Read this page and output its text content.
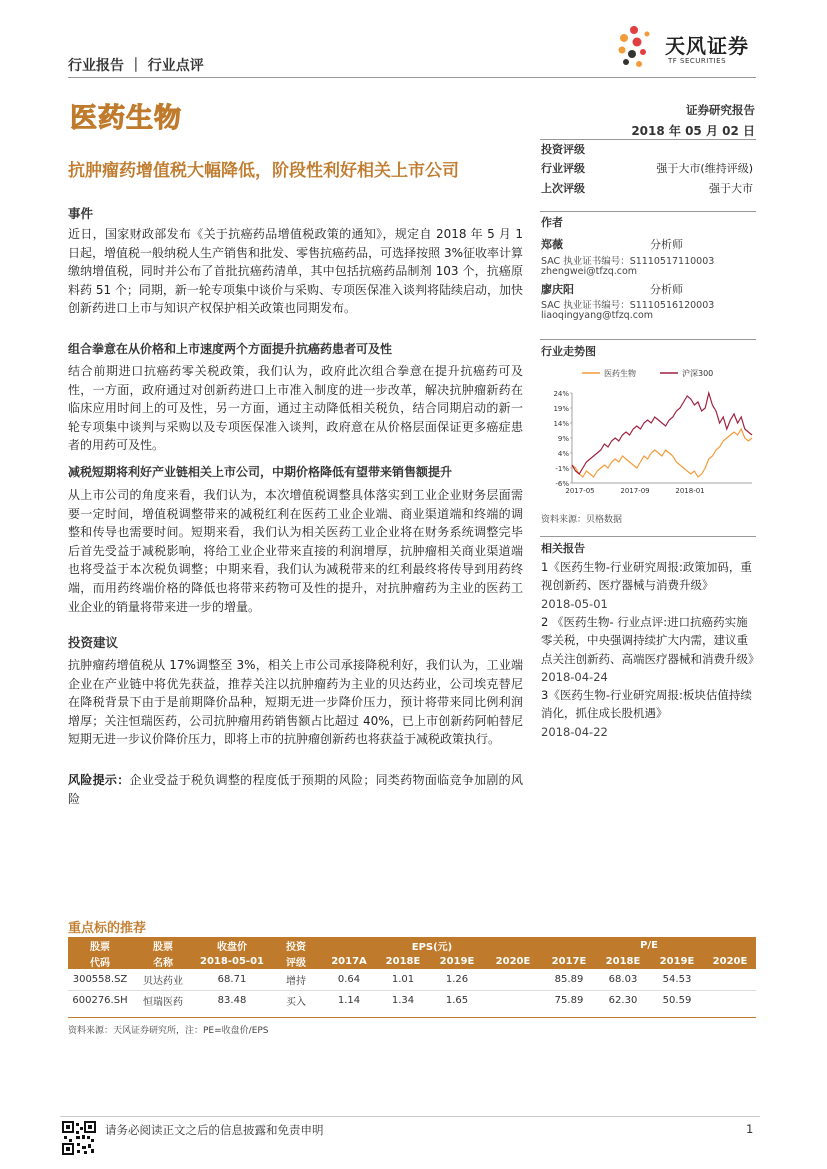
天风证券
TF SECURITIES
行业报告 ｜ 行业点评
医药生物	证券研究报告
2018 年 05 月 02 日
抗肿瘤药增值税大幅降低，阶段性利好相关上市公司
投资评级
行业评级	强于大市(维持评级)
上次评级	强于大市
作者
郑薇	分析师
SAC 执业证书编号：S1110517110003
zhengwei@tfzq.com
廖庆阳	分析师
SAC 执业证书编号：S1110516120003
liaoqingyang@tfzq.com
行业走势图
24%
19%
14%
9%
4%
-1%
-6%
2017-05	2017-09	2018-01
医药生物	沪深300
资料来源：贝格数据
相关报告
1《医药生物-行业研究周报:政策加码，重视创新药、医疗器械与消费升级》
2018-05-01
2 《医药生物- 行业点评:进口抗癌药实施零关税，中央强调持续扩大内需，建议重点关注创新药、高端医疗器械和消费升级》
2018-04-24
3《医药生物-行业研究周报:板块估值持续消化，抓住成长股机遇》
2018-04-22
事件
近日，国家财政部发布《关于抗癌药品增值税政策的通知》，规定自 2018 年 5 月 1 日起，增值税一般纳税人生产销售和批发、零售抗癌药品，可选择按照 3%征收率计算缴纳增值税，同时并公布了首批抗癌药清单，其中包括抗癌药品制剂 103 个，抗癌原料药 51 个；同期，新一轮专项集中谈价与采购、专项医保准入谈判将陆续启动，加快创新药进口上市与知识产权保护相关政策也同期发布。
组合拳意在从价格和上市速度两个方面提升抗癌药患者可及性
结合前期进口抗癌药零关税政策，我们认为，政府此次组合拳意在提升抗癌药可及性，一方面，政府通过对创新药进口上市准入制度的进一步改革，解决抗肿瘤新药在临床应用时间上的可及性，另一方面，通过主动降低相关税负，结合同期启动的新一轮专项集中谈判与采购以及专项医保准入谈判，政府意在从价格层面保证更多癌症患者的用药可及性。
减税短期将利好产业链相关上市公司，中期价格降低有望带来销售额提升
从上市公司的角度来看，我们认为，本次增值税调整具体落实到工业企业财务层面需要一定时间，增值税调整带来的减税红利在医药工业企业端、商业渠道端和终端的调整和传导也需要时间。短期来看，我们认为相关医药工业企业将在财务系统调整完毕后首先受益于减税影响，将给工业企业带来直接的利润增厚，抗肿瘤相关商业渠道端也将受益于本次税负调整；中期来看，我们认为减税带来的红利最终将传导到用药终端，而用药终端价格的降低也将带来药物可及性的提升，对抗肿瘤药为主业的医药工业企业的销量将带来进一步的增量。
投资建议
抗肿瘤药增值税从 17%调整至 3%，相关上市公司承接降税利好，我们认为，工业端企业在产业链中将优先获益，推荐关注以抗肿瘤药为主业的贝达药业，公司埃克替尼在降税背景下由于是前期降价品种，短期无进一步降价压力，预计将带来同比例利润增厚；关注恒瑞医药，公司抗肿瘤用药销售额占比超过 40%，已上市创新药阿帕替尼短期无进一步议价降价压力，即将上市的抗肿瘤创新药也将获益于减税政策执行。
风险提示：企业受益于税负调整的程度低于预期的风险；同类药物面临竞争加剧的风险
重点标的推荐
股票	股票	收盘价	投资	EPS(元)				P/E			
代码	名称	2018-05-01	评级	2017A	2018E	2019E	2020E	2017E	2018E	2019E	2020E
300558.SZ	贝达药业	68.71	增持	0.64	1.01	1.26		85.89	68.03	54.53	
600276.SH	恒瑞医药	83.48	买入	1.14	1.34	1.65		75.89	62.30	50.59	
资料来源：天风证券研究所，注：PE=收盘价/EPS
请务必阅读正文之后的信息披露和免责申明	1
